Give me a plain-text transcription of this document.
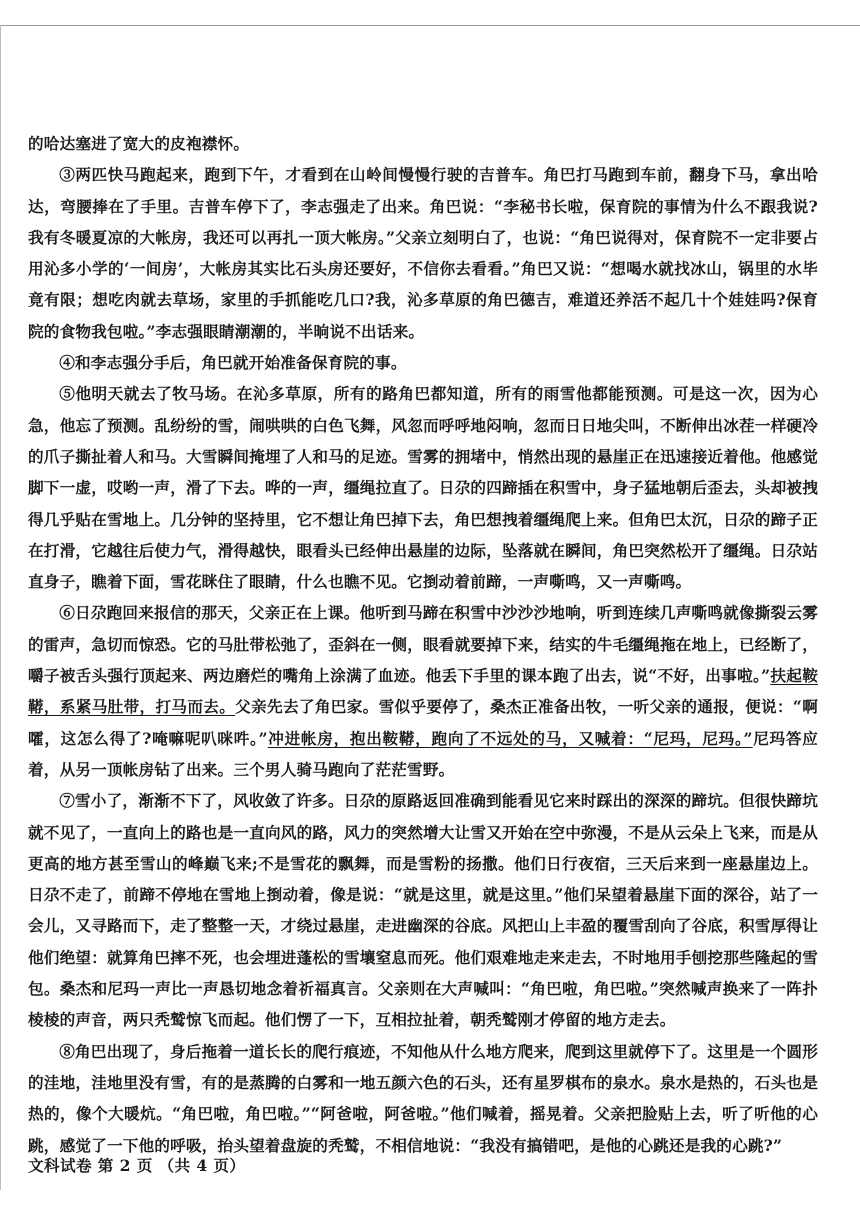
的哈达塞进了宽大的皮袍襟怀。

③两匹快马跑起来，跑到下午，才看到在山岭间慢慢行驶的吉普车。角巴打马跑到车前，翻身下马，拿出哈达，弯腰捧在了手里。吉普车停下了，李志强走了出来。角巴说：“李秘书长啦，保育院的事情为什么不跟我说?我有冬暖夏凉的大帐房，我还可以再扎一顶大帐房。”父亲立刻明白了，也说：“角巴说得对，保育院不一定非要占用沁多小学的‘一间房’，大帐房其实比石头房还要好，不信你去看看。”角巴又说：“想喝水就找冰山，锅里的水毕竟有限；想吃肉就去草场，家里的手抓能吃几口?我，沁多草原的角巴德吉，难道还养活不起几十个娃娃吗?保育院的食物我包啦。”李志强眼睛潮潮的，半晌说不出话来。

④和李志强分手后，角巴就开始准备保育院的事。

⑤他明天就去了牧马场。在沁多草原，所有的路角巴都知道，所有的雨雪他都能预测。可是这一次，因为心急，他忘了预测。乱纷纷的雪，闹哄哄的白色飞舞，风忽而呼呼地闷响，忽而日日地尖叫，不断伸出冰茬一样硬冷的爪子撕扯着人和马。大雪瞬间掩埋了人和马的足迹。雪雾的拥堵中，悄然出现的悬崖正在迅速接近着他。他感觉脚下一虚，哎哟一声，滑了下去。哗的一声，缰绳拉直了。日尕的四蹄插在积雪中，身子猛地朝后歪去，头却被拽得几乎贴在雪地上。几分钟的坚持里，它不想让角巴掉下去，角巴想拽着缰绳爬上来。但角巴太沉，日尕的蹄子正在打滑，它越往后使力气，滑得越快，眼看头已经伸出悬崖的边际，坠落就在瞬间，角巴突然松开了缰绳。日尕站直身子，瞧着下面，雪花眯住了眼睛，什么也瞧不见。它捯动着前蹄，一声嘶鸣，又一声嘶鸣。

⑥日尕跑回来报信的那天，父亲正在上课。他听到马蹄在积雪中沙沙沙地响，听到连续几声嘶鸣就像撕裂云雾的雷声，急切而惊恐。它的马肚带松弛了，歪斜在一侧，眼看就要掉下来，结实的牛毛缰绳拖在地上，已经断了，嚼子被舌头强行顶起来、两边磨烂的嘴角上涂满了血迹。他丢下手里的课本跑了出去，说“不好，出事啦。”扶起鞍鞯，系紧马肚带，打马而去。父亲先去了角巴家。雪似乎要停了，桑杰正准备出牧，一听父亲的通报，便说：“啊嚯，这怎么得了?唵嘛呢叭咪吽。”冲进帐房，抱出鞍鞯，跑向了不远处的马，又喊着：“尼玛，尼玛。”尼玛答应着，从另一顶帐房钻了出来。三个男人骑马跑向了茫茫雪野。

⑦雪小了，渐渐不下了，风收敛了许多。日尕的原路返回准确到能看见它来时踩出的深深的蹄坑。但很快蹄坑就不见了，一直向上的路也是一直向风的路，风力的突然增大让雪又开始在空中弥漫，不是从云朵上飞来，而是从更高的地方甚至雪山的峰巅飞来;不是雪花的飘舞，而是雪粉的扬撒。他们日行夜宿，三天后来到一座悬崖边上。日尕不走了，前蹄不停地在雪地上捯动着，像是说：“就是这里，就是这里。”他们呆望着悬崖下面的深谷，站了一会儿，又寻路而下，走了整整一天，才绕过悬崖，走进幽深的谷底。风把山上丰盈的覆雪刮向了谷底，积雪厚得让他们绝望：就算角巴摔不死，也会埋进蓬松的雪壤窒息而死。他们艰难地走来走去，不时地用手刨挖那些隆起的雪包。桑杰和尼玛一声比一声恳切地念着祈福真言。父亲则在大声喊叫：“角巴啦，角巴啦。”突然喊声换来了一阵扑棱棱的声音，两只秃鹫惊飞而起。他们愣了一下，互相拉扯着，朝秃鹫刚才停留的地方走去。

⑧角巴出现了，身后拖着一道长长的爬行痕迹，不知他从什么地方爬来，爬到这里就停下了。这里是一个圆形的洼地，洼地里没有雪，有的是蒸腾的白雾和一地五颜六色的石头，还有星罗棋布的泉水。泉水是热的，石头也是热的，像个大暖炕。“角巴啦，角巴啦。”“阿爸啦，阿爸啦。”他们喊着，摇晃着。父亲把脸贴上去，听了听他的心跳，感觉了一下他的呼吸，抬头望着盘旋的秃鹫，不相信地说：“我没有搞错吧，是他的心跳还是我的心跳?”

文科试卷 第 2 页 （共 4 页）
